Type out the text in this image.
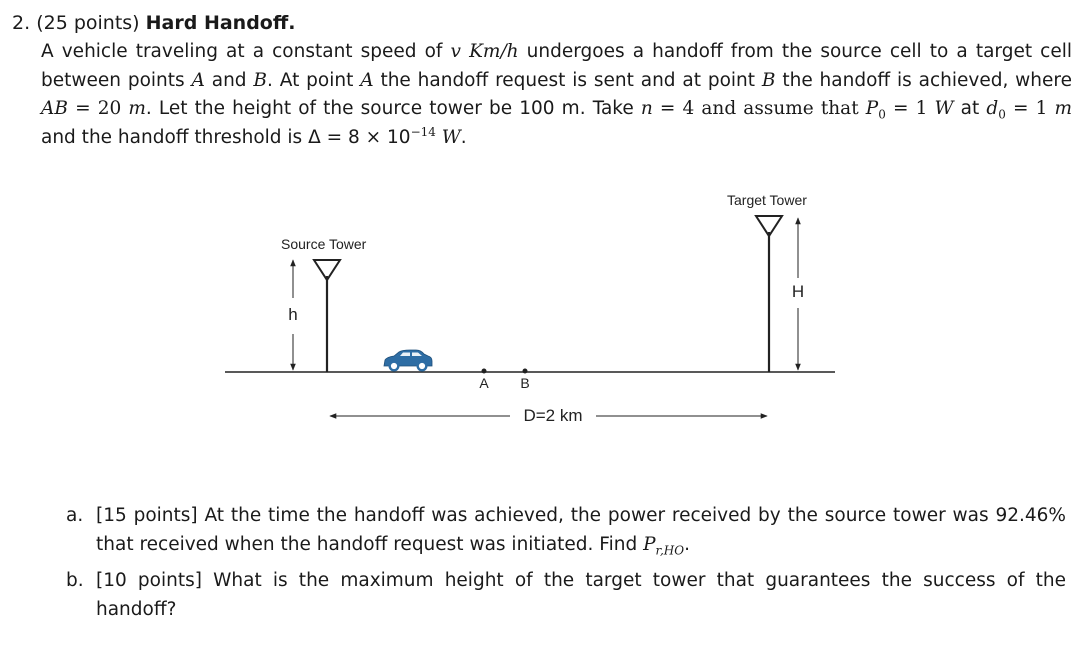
2. (25 points) Hard Handoff.
A vehicle traveling at a constant speed of v Km/h undergoes a handoff from the source cell to a target cell between points A and B. At point A the handoff request is sent and at point B the handoff is achieved, where AB = 20 m. Let the height of the source tower be 100 m. Take n = 4 and assume that $P_0 = 1$ W at $d_0 = 1$ m and the handoff threshold is $\Delta = 8 \times 10^{-14}$ W.
Source Tower
h
Target Tower
H
A B
D=2 km
a. [15 points] At the time the handoff was achieved, the power received by the source tower was 92.46% that received when the handoff request was initiated. Find $P_{r,HO}$.
b. [10 points] What is the maximum height of the target tower that guarantees the success of the handoff?
